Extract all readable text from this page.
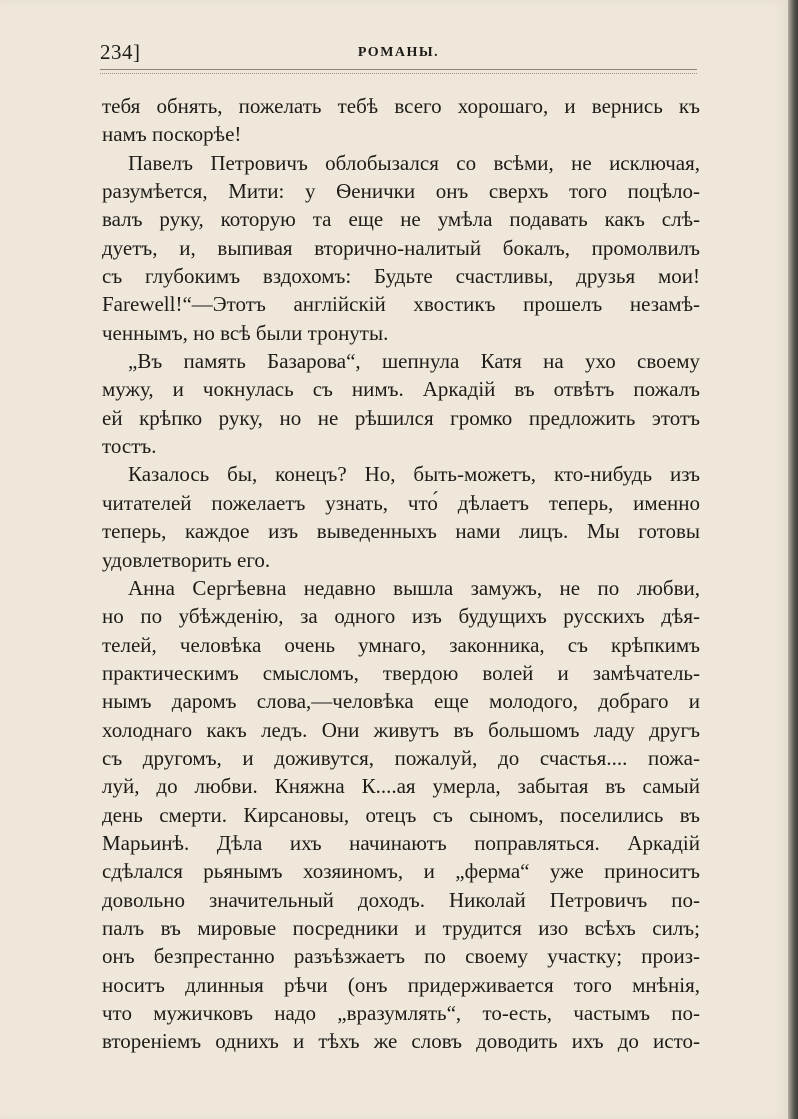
234]	РОМАНЫ.
тебя обнять, пожелать тебѣ всего хорошаго, и вернись къ
намъ поскорѣе!
Павелъ Петровичъ облобызался со всѣми, не исключая,
разумѣется, Мити: у Ѳенички онъ сверхъ того поцѣло-
валъ руку, которую та еще не умѣла подавать какъ слѣ-
дуетъ, и, выпивая вторично-налитый бокалъ, промолвилъ
съ глубокимъ вздохомъ: Будьте счастливы, друзья мои!
Farewell!“—Этотъ англійскій хвостикъ прошелъ незамѣ-
ченнымъ, но всѣ были тронуты.
„Въ память Базарова“, шепнула Катя на ухо своему
мужу, и чокнулась съ нимъ. Аркадій въ отвѣтъ пожалъ
ей крѣпко руку, но не рѣшился громко предложить этотъ
тостъ.
Казалось бы, конецъ? Но, быть-можетъ, кто-нибудь изъ
читателей пожелаетъ узнать, что́ дѣлаетъ теперь, именно
теперь, каждое изъ выведенныхъ нами лицъ. Мы готовы
удовлетворить его.
Анна Сергѣевна недавно вышла замужъ, не по любви,
но по убѣжденію, за одного изъ будущихъ русскихъ дѣя-
телей, человѣка очень умнаго, законника, съ крѣпкимъ
практическимъ смысломъ, твердою волей и замѣчатель-
нымъ даромъ слова,—человѣка еще молодого, добраго и
холоднаго какъ ледъ. Они живутъ въ большомъ ладу другъ
съ другомъ, и доживутся, пожалуй, до счастья.... пожа-
луй, до любви. Княжна К....ая умерла, забытая въ самый
день смерти. Кирсановы, отецъ съ сыномъ, поселились въ
Марьинѣ. Дѣла ихъ начинаютъ поправляться. Аркадій
сдѣлался рьянымъ хозяиномъ, и „ферма“ уже приноситъ
довольно значительный доходъ. Николай Петровичъ по-
палъ въ мировые посредники и трудится изо всѣхъ силъ;
онъ безпрестанно разъѣзжаетъ по своему участку; произ-
носитъ длинныя рѣчи (онъ придерживается того мнѣнія,
что мужичковъ надо „вразумлять“, то-есть, частымъ по-
втореніемъ однихъ и тѣхъ же словъ доводить ихъ до исто-
